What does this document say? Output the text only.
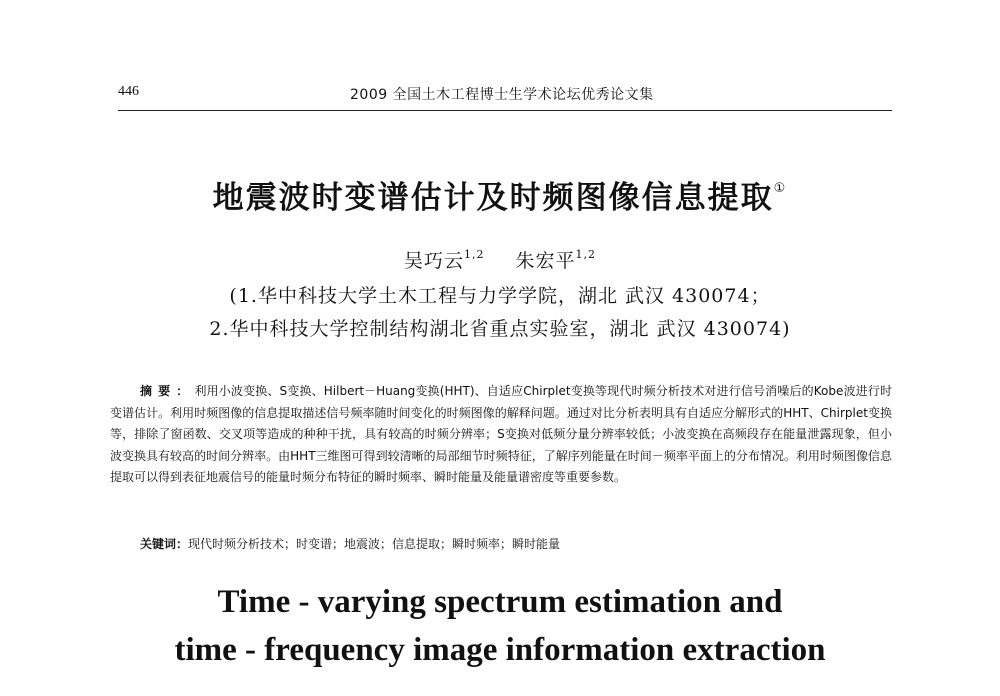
446	2009 全国土木工程博士生学术论坛优秀论文集
地震波时变谱估计及时频图像信息提取①
吴巧云$^{1,2}$ 朱宏平$^{1,2}$
(1.华中科技大学土木工程与力学学院，湖北 武汉 430074；
2.华中科技大学控制结构湖北省重点实验室，湖北 武汉 430074)
摘要：利用小波变换、S变换、Hilbert－Huang变换(HHT)、自适应Chirplet变换等现代时频分析技术对进行信号消噪后的Kobe波进行时变谱估计。利用时频图像的信息提取描述信号频率随时间变化的时频图像的解释问题。通过对比分析表明具有自适应分解形式的HHT、Chirplet变换等，排除了窗函数、交叉项等造成的种种干扰，具有较高的时频分辨率；S变换对低频分量分辨率较低；小波变换在高频段存在能量泄露现象，但小波变换具有较高的时间分辨率。由HHT三维图可得到较清晰的局部细节时频特征，了解序列能量在时间－频率平面上的分布情况。利用时频图像信息提取可以得到表征地震信号的能量时频分布特征的瞬时频率、瞬时能量及能量谱密度等重要参数。
关键词：现代时频分析技术；时变谱；地震波；信息提取；瞬时频率；瞬时能量
Time - varying spectrum estimation and
time - frequency image information extraction
